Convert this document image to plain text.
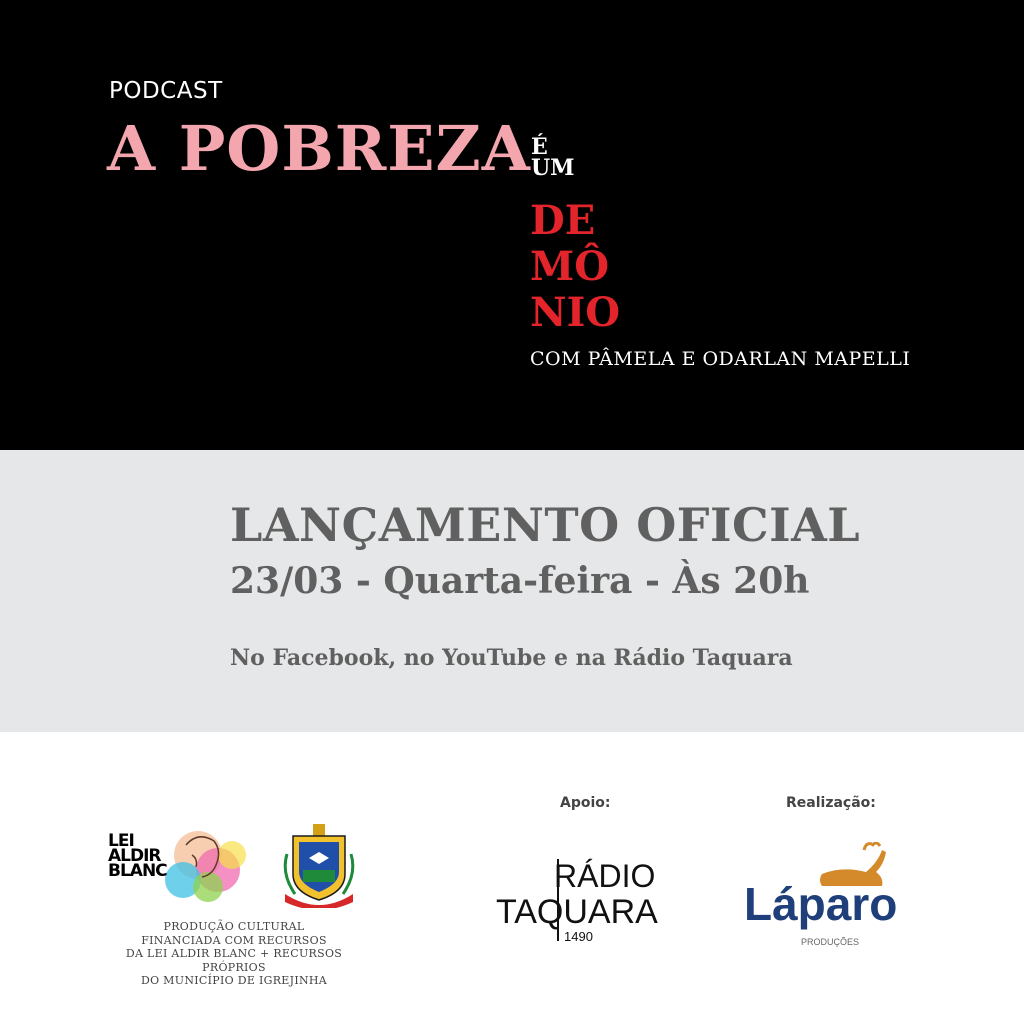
PODCAST
A POBREZA É
UM
DE
MÔ
NIO
COM PÂMELA E ODARLAN MAPELLI
LANÇAMENTO OFICIAL
23/03 - Quarta-feira - Às 20h
No Facebook, no YouTube e na Rádio Taquara
Apoio:	Realização:
LEI
ALDIR
BLANC
PRODUÇÃO CULTURAL
FINANCIADA COM RECURSOS
DA LEI ALDIR BLANC + RECURSOS PRÓPRIOS
DO MUNICÍPIO DE IGREJINHA
RÁDIO
TAQUARA
1490
Láparo
PRODUÇÕES
